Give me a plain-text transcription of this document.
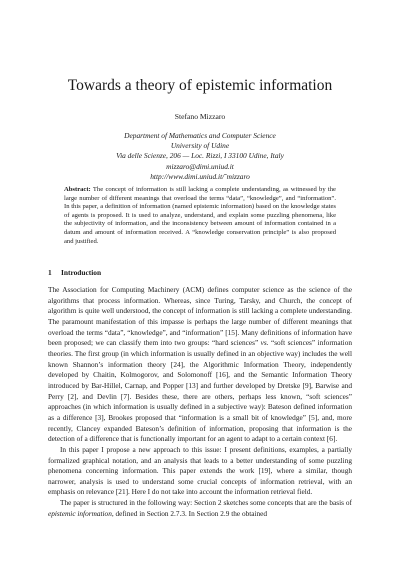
Towards a theory of epistemic information
Stefano Mizzaro
Department of Mathematics and Computer Science
University of Udine
Via delle Scienze, 206 — Loc. Rizzi, I 33100 Udine, Italy
mizzaro@dimi.uniud.it
http://www.dimi.uniud.it/˜mizzaro
Abstract: The concept of information is still lacking a complete understanding, as witnessed by the large number of different meanings that overload the terms “data”, “knowledge”, and “information”. In this paper, a definition of information (named epistemic information) based on the knowledge states of agents is proposed. It is used to analyze, understand, and explain some puzzling phenomena, like the subjectivity of information, and the inconsistency between amount of information contained in a datum and amount of information received. A “knowledge conservation principle” is also proposed and justified.
1 Introduction

The Association for Computing Machinery (ACM) defines computer science as the science of the algorithms that process information. Whereas, since Turing, Tarsky, and Church, the concept of algorithm is quite well understood, the concept of information is still lacking a complete understanding. The paramount manifestation of this impasse is perhaps the large number of different meanings that overload the terms “data”, “knowledge”, and “information” [15]. Many definitions of information have been proposed; we can classify them into two groups: “hard sciences” vs. “soft sciences” information theories. The first group (in which information is usually defined in an objective way) includes the well known Shannon’s information theory [24], the Algorithmic Information Theory, independently developed by Chaitin, Kolmogorov, and Solomonoff [16], and the Semantic Information Theory introduced by Bar-Hillel, Carnap, and Popper [13] and further developed by Dretske [9], Barwise and Perry [2], and Devlin [7]. Besides these, there are others, perhaps less known, “soft sciences” approaches (in which information is usually defined in a subjective way): Bateson defined information as a difference [3], Brookes proposed that “information is a small bit of knowledge” [5], and, more recently, Clancey expanded Bateson’s definition of information, proposing that information is the detection of a difference that is functionally important for an agent to adapt to a certain context [6].

In this paper I propose a new approach to this issue: I present definitions, examples, a partially formalized graphical notation, and an analysis that leads to a better understanding of some puzzling phenomena concerning information. This paper extends the work [19], where a similar, though narrower, analysis is used to understand some crucial concepts of information retrieval, with an emphasis on relevance [21]. Here I do not take into account the information retrieval field.

The paper is structured in the following way: Section 2 sketches some concepts that are the basis of epistemic information, defined in Section 2.7.3. In Section 2.9 the obtained
